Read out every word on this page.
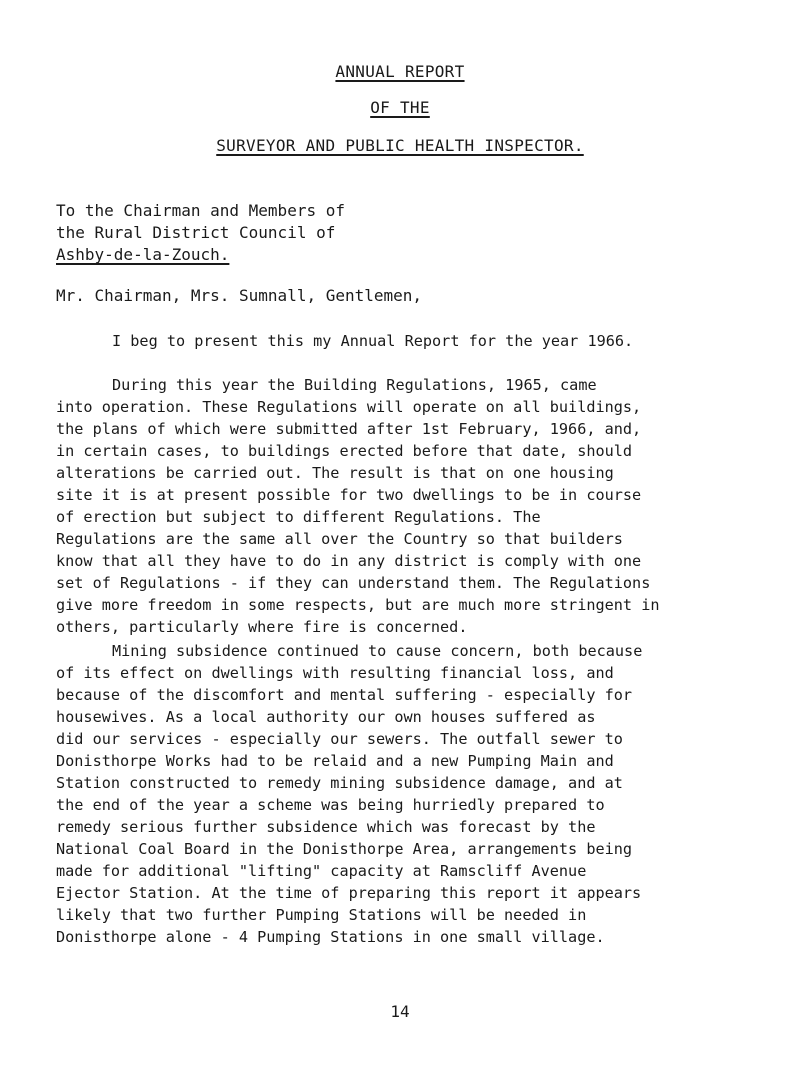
ANNUAL REPORT
OF THE
SURVEYOR AND PUBLIC HEALTH INSPECTOR.
To the Chairman and Members of
the Rural District Council of
Ashby-de-la-Zouch.
Mr. Chairman, Mrs. Sumnall, Gentlemen,
I beg to present this my Annual Report for the year 1966.
During this year the Building Regulations, 1965, came
into operation. These Regulations will operate on all buildings,
the plans of which were submitted after 1st February, 1966, and,
in certain cases, to buildings erected before that date, should
alterations be carried out. The result is that on one housing
site it is at present possible for two dwellings to be in course
of erection but subject to different Regulations. The
Regulations are the same all over the Country so that builders
know that all they have to do in any district is comply with one
set of Regulations - if they can understand them. The Regulations
give more freedom in some respects, but are much more stringent in
others, particularly where fire is concerned.
Mining subsidence continued to cause concern, both because
of its effect on dwellings with resulting financial loss, and
because of the discomfort and mental suffering - especially for
housewives. As a local authority our own houses suffered as
did our services - especially our sewers. The outfall sewer to
Donisthorpe Works had to be relaid and a new Pumping Main and
Station constructed to remedy mining subsidence damage, and at
the end of the year a scheme was being hurriedly prepared to
remedy serious further subsidence which was forecast by the
National Coal Board in the Donisthorpe Area, arrangements being
made for additional "lifting" capacity at Ramscliff Avenue
Ejector Station. At the time of preparing this report it appears
likely that two further Pumping Stations will be needed in
Donisthorpe alone - 4 Pumping Stations in one small village.
14
